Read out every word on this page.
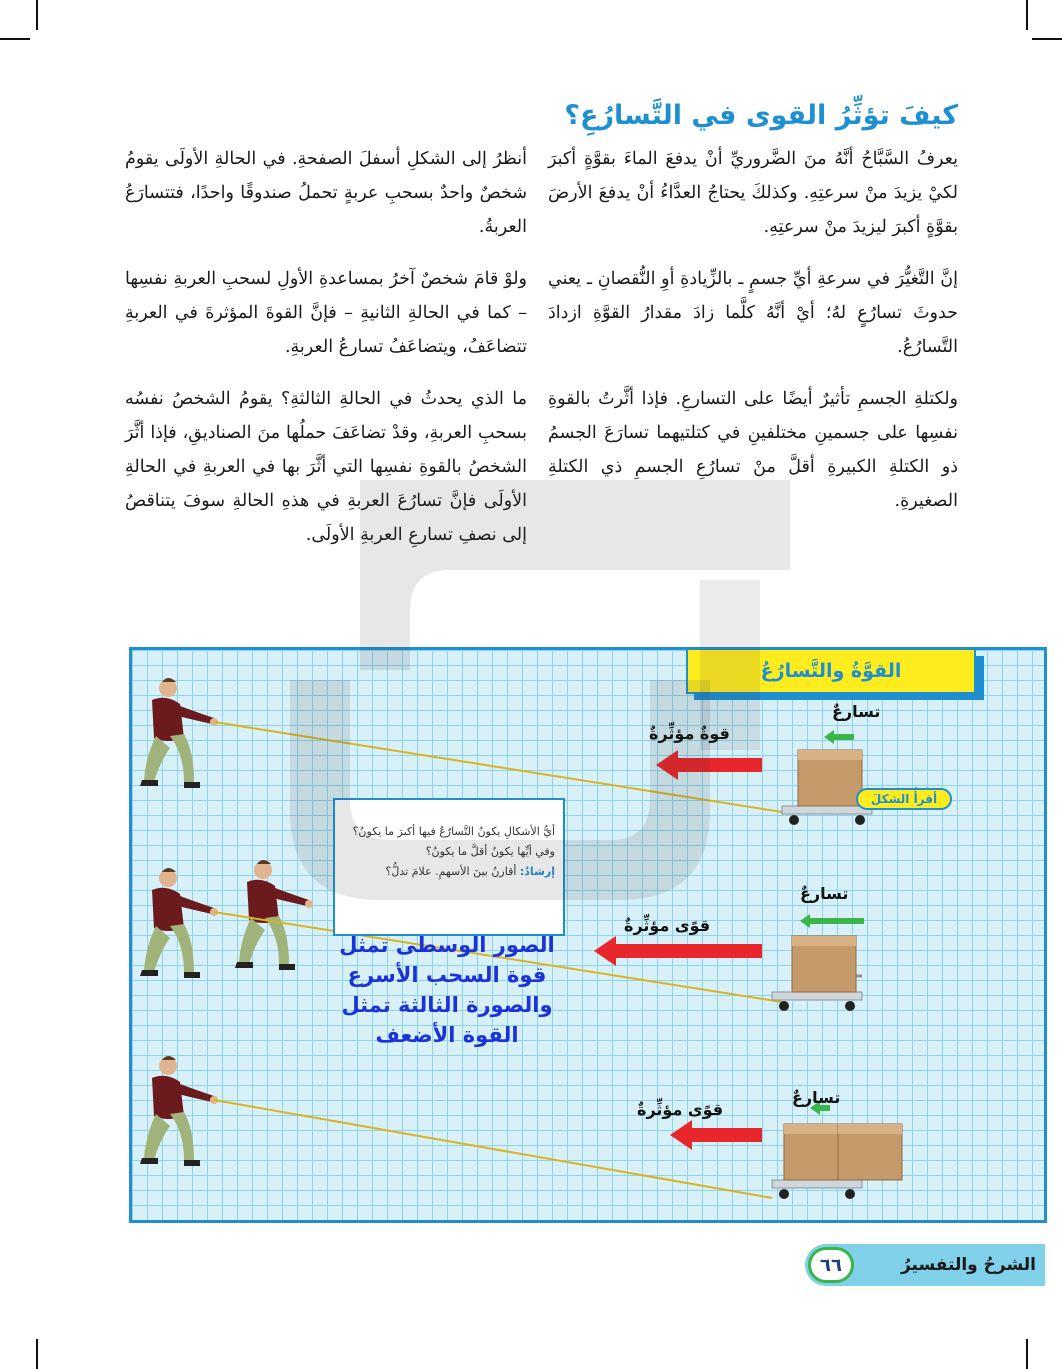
كيفَ تؤثِّرُ القوى في التَّسارُعِ؟

يعرفُ السَّبَّاحُ أنَّهُ منَ الضَّروريِّ أنْ يدفعَ الماءَ بقوَّةٍ أكبرَ لكيْ يزيدَ منْ سرعتِهِ. وكذلكَ يحتاجُ العدَّاءُ أنْ يدفعَ الأرضَ بقوَّةٍ أكبرَ ليزيدَ منْ سرعتِهِ.

إنَّ التَّغيُّرَ في سرعةِ أيِّ جسمٍ ـ بالزِّيادةِ أوِ النُّقصانِ ـ يعني حدوثَ تسارُعٍ لهُ؛ أيْ أنَّهُ كلَّما زادَ مقدارُ القوَّةِ ازدادَ التَّسارُعُ.

ولكتلةِ الجسمِ تأثيرٌ أيضًا على التسارعِ. فإذا أثَّرتُ بالقوةِ نفسِها على جسمينِ مختلفينِ في كتلتيهما تسارَعَ الجسمُ ذو الكتلةِ الكبيرةِ أقلَّ منْ تسارُعِ الجسمِ ذي الكتلةِ الصغيرةِ.

أنظرُ إلى الشكلِ أسفلَ الصفحةِ. في الحالةِ الأولَى يقومُ شخصٌ واحدٌ بسحبِ عربةٍ تحملُ صندوقًا واحدًا، فتتسارَعُ العربةُ.

ولوْ قامَ شخصٌ آخرُ بمساعدةِ الأولِ لسحبِ العربةِ نفسِها – كما في الحالةِ الثانيةِ – فإنَّ القوةَ المؤثرةَ في العربةِ تتضاعَفُ، ويتضاعَفُ تسارعُ العربةِ.

ما الذي يحدثُ في الحالةِ الثالثةِ؟ يقومُ الشخصُ نفسُه بسحبِ العربةِ، وقدْ تضاعَفَ حملُها منَ الصناديقِ، فإذا أثَّرَ الشخصُ بالقوةِ نفسِها التي أثَّرَ بها في العربةِ في الحالةِ الأولَى فإنَّ تسارُعَ العربةِ في هذهِ الحالةِ سوفَ يتناقصُ إلى نصفِ تسارعِ العربةِ الأولَى.

القوَّةُ والتَّسارُعُ
تسارعٌ
قوةٌ مؤثِّرةٌ
تسارعٌ
قوًى مؤثِّرةٌ
تسارعٌ
قوًى مؤثِّرةٌ
أيُّ الأشكالِ يكونُ التَّسارُعُ فيها أكبرَ ما يكونُ؟ وفي أيِّها يكونُ أقلَّ ما يكونُ؟
إرشادٌ: أقارنُ بينَ الأسهمِ. علامَ تدلُّ؟
أقرأُ الشكلَ
الصور الوسطى تمثل قوة السحب الأسرع والصورة الثالثة تمثل القوة الأضعف
الشرحُ والتفسيرُ
٦٦
